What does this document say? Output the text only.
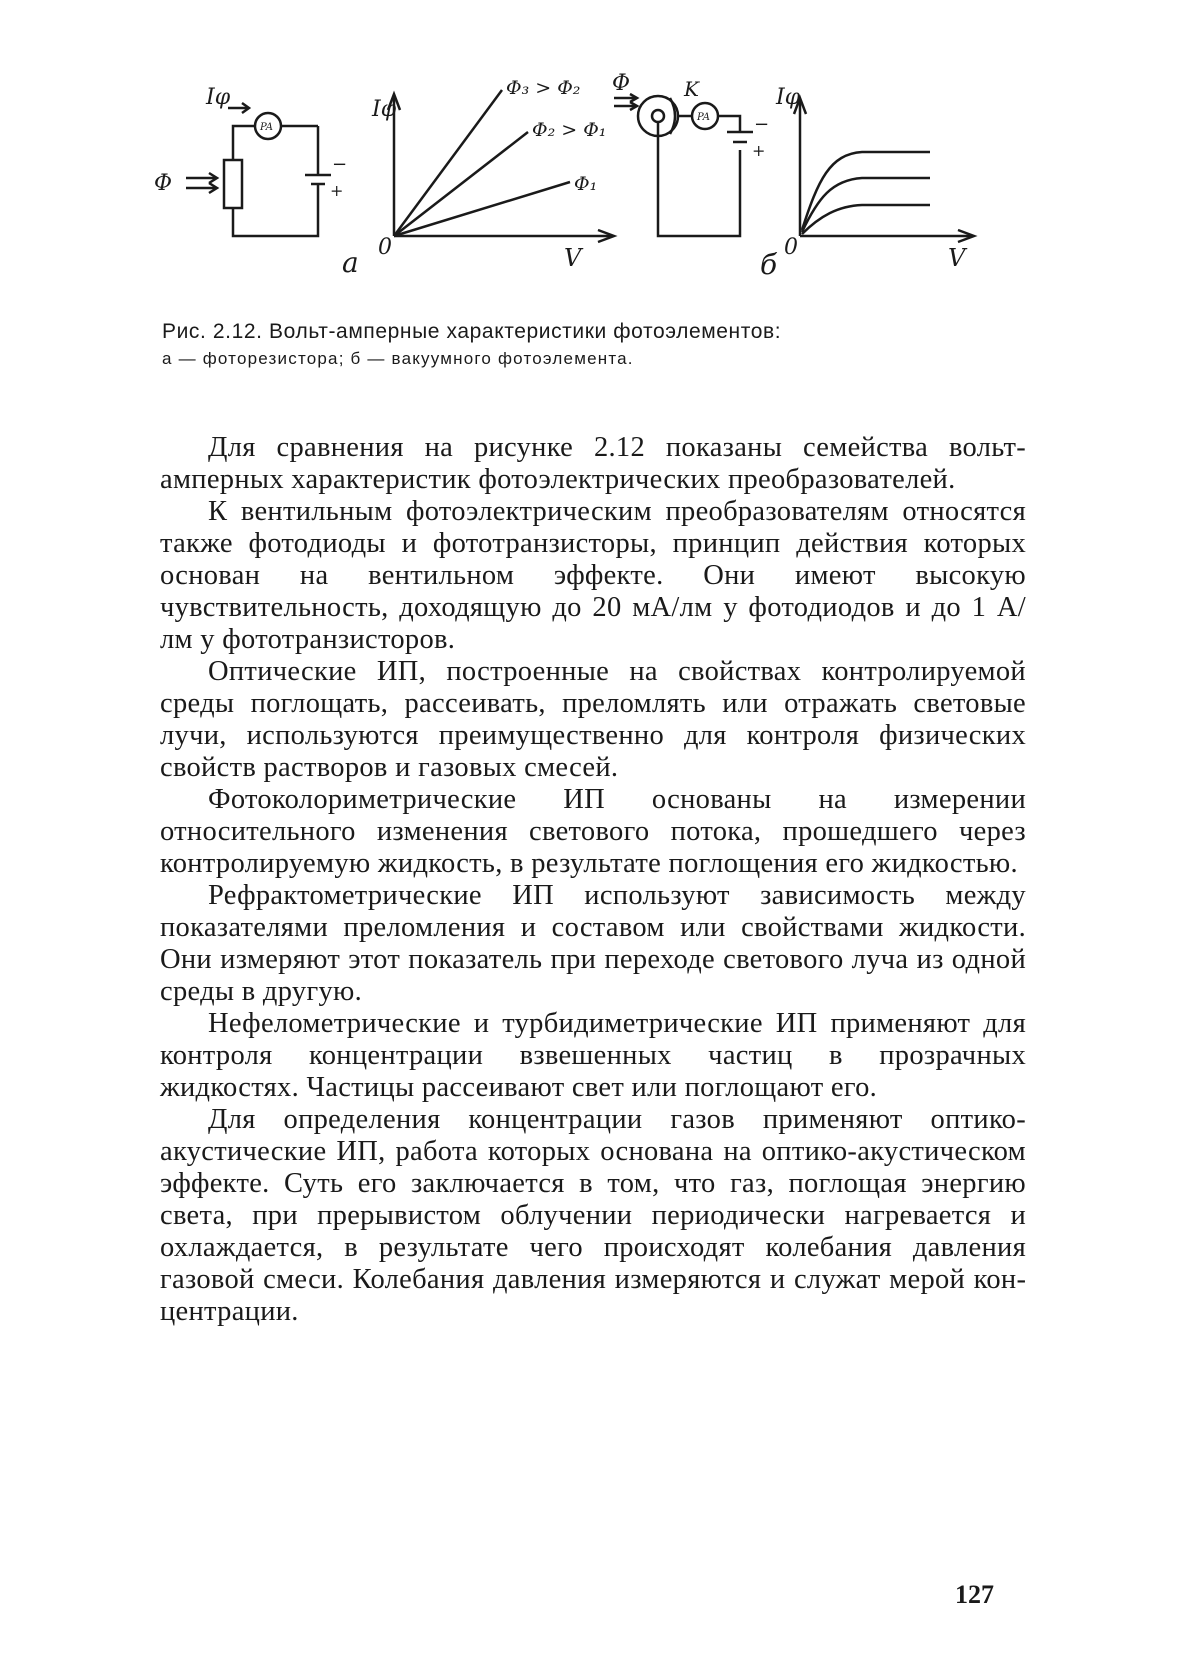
Iφ
Φ
PA
−
+
а
Iφ
0	V
Φ₃ > Φ₂
Φ₂ > Φ₁
Φ₁
Φ	K
PA −
+
Iφ
0
б	V
Рис. 2.12. Вольт-амперные характеристики фотоэлементов:
а — фоторезистора; б — вакуумного фотоэлемента.

Для сравнения на рисунке 2.12 показаны семейства вольт-амперных характеристик фотоэлектрических преобразователей.

К вентильным фотоэлектрическим преобразователям относятся также фотодиоды и фототранзисторы, принцип действия которых основан на вентильном эффекте. Они имеют высокую чувствительность, доходящую до 20 мА/лм у фотодиодов и до 1 А/лм у фототранзисторов.

Оптические ИП, построенные на свойствах контролируемой среды поглощать, рассеивать, преломлять или отражать световые лучи, используются преимущественно для контроля физических свойств растворов и газовых смесей.

Фотоколориметрические ИП основаны на измерении относительного изменения светового потока, прошедшего через контролируемую жидкость, в результате поглощения его жидкостью.

Рефрактометрические ИП используют зависимость между показателями преломления и составом или свойствами жидкости. Они измеряют этот показатель при переходе светового луча из одной среды в другую.

Нефелометрические и турбидиметрические ИП применяют для контроля концентрации взвешенных частиц в прозрачных жидкостях. Частицы рассеивают свет или поглощают его.

Для определения концентрации газов применяют оптико-акустические ИП, работа которых основана на оптико-акустическом эффекте. Суть его заключается в том, что газ, поглощая энергию света, при прерывистом облучении периодически нагревается и охлаждается, в результате чего происходят колебания давления газовой смеси. Колебания давления измеряются и служат мерой концентрации.

127
